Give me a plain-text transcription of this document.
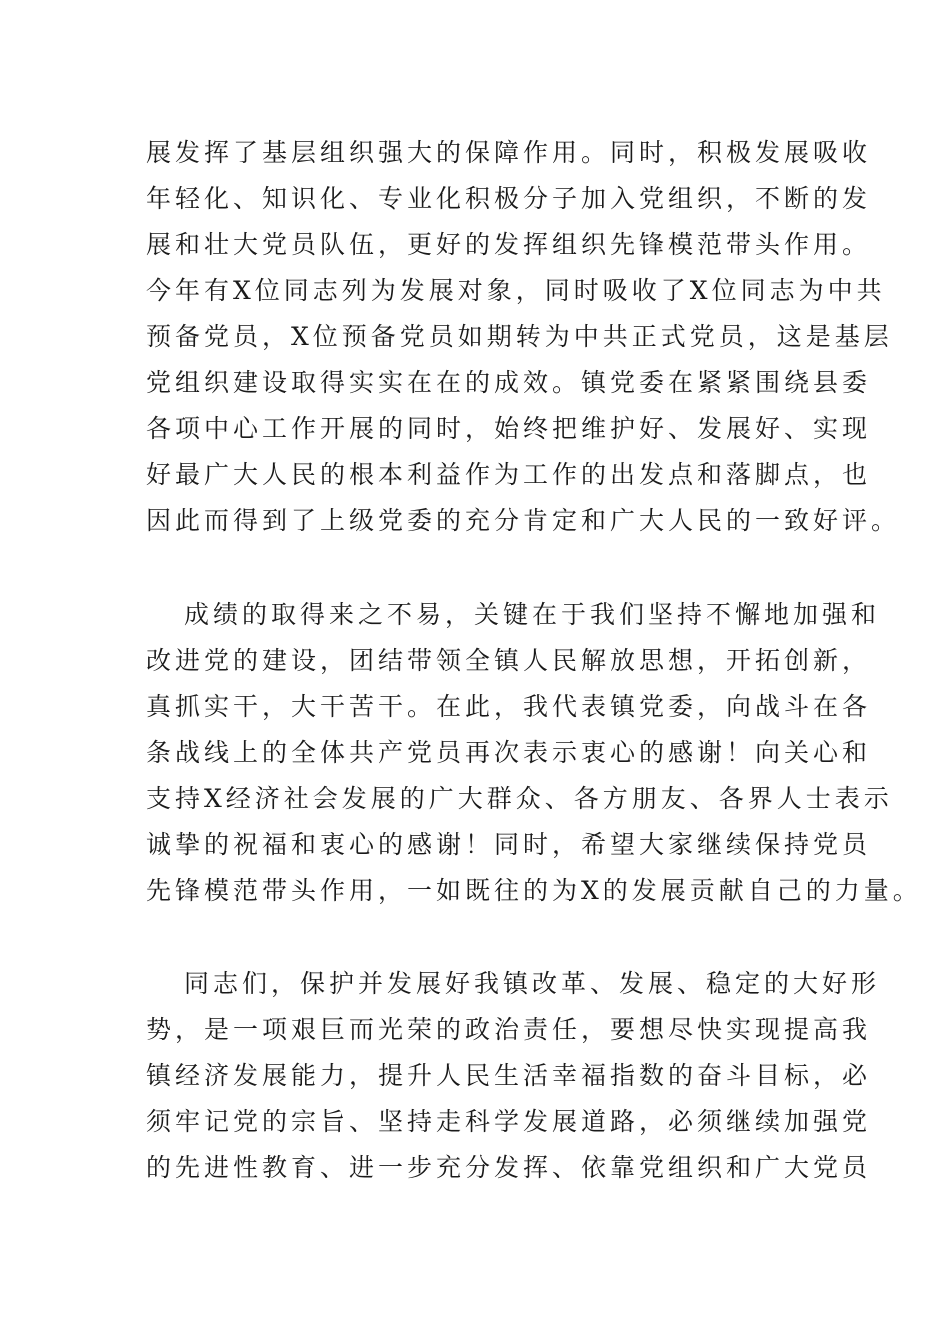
展发挥了基层组织强大的保障作用。同时，积极发展吸收
年轻化、知识化、专业化积极分子加入党组织，不断的发
展和壮大党员队伍，更好的发挥组织先锋模范带头作用。
今年有X位同志列为发展对象，同时吸收了X位同志为中共
预备党员，X位预备党员如期转为中共正式党员，这是基层
党组织建设取得实实在在的成效。镇党委在紧紧围绕县委
各项中心工作开展的同时，始终把维护好、发展好、实现
好最广大人民的根本利益作为工作的出发点和落脚点，也
因此而得到了上级党委的充分肯定和广大人民的一致好评。
成绩的取得来之不易，关键在于我们坚持不懈地加强和
改进党的建设，团结带领全镇人民解放思想，开拓创新，
真抓实干，大干苦干。在此，我代表镇党委，向战斗在各
条战线上的全体共产党员再次表示衷心的感谢！向关心和
支持X经济社会发展的广大群众、各方朋友、各界人士表示
诚挚的祝福和衷心的感谢！同时，希望大家继续保持党员
先锋模范带头作用，一如既往的为X的发展贡献自己的力量。
同志们，保护并发展好我镇改革、发展、稳定的大好形
势，是一项艰巨而光荣的政治责任，要想尽快实现提高我
镇经济发展能力，提升人民生活幸福指数的奋斗目标，必
须牢记党的宗旨、坚持走科学发展道路，必须继续加强党
的先进性教育、进一步充分发挥、依靠党组织和广大党员
